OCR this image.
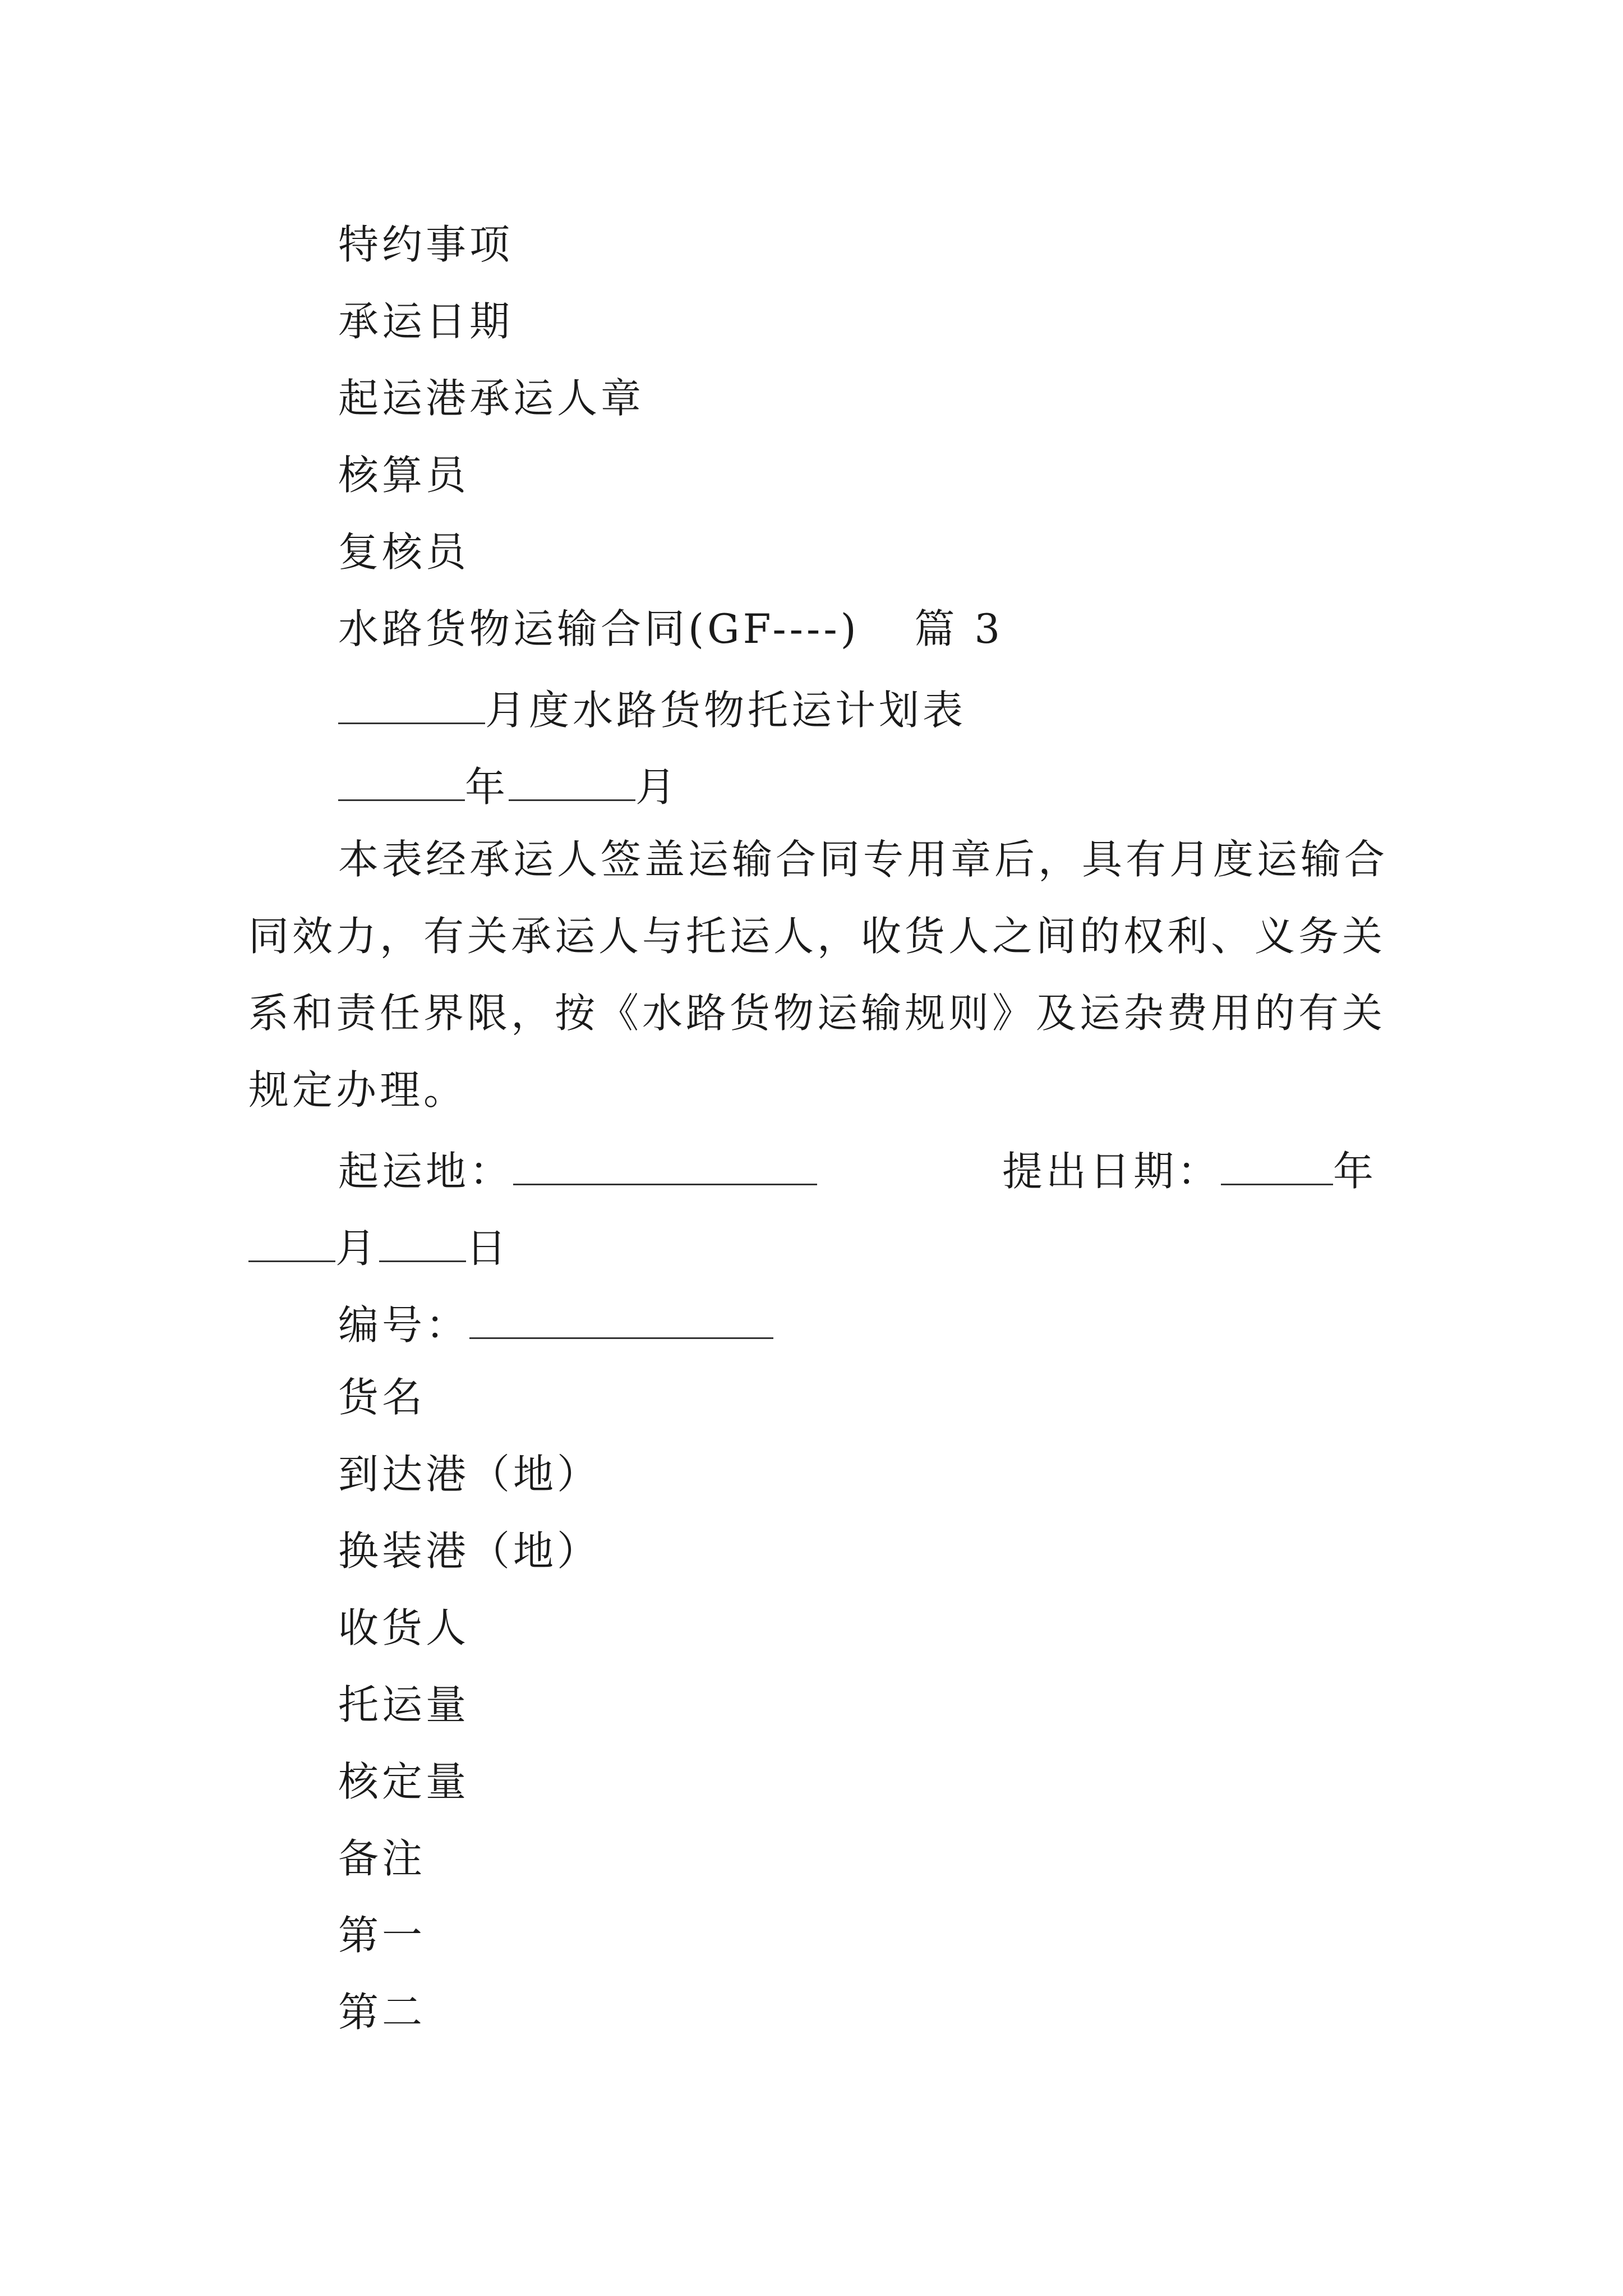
特约事项
承运日期
起运港承运人章
核算员
复核员
水路货物运输合同(GF----) 篇 3
月度水路货物托运计划表
年	月
本表经承运人签盖运输合同专用章后，具有月度运输合
同效力，有关承运人与托运人，收货人之间的权利、义务关
系和责任界限，按《水路货物运输规则》及运杂费用的有关
规定办理。
起运地：	提出日期：	年
月 日
编号：
货名
到达港（地）
换装港（地）
收货人
托运量
核定量
备注
第一
第二
